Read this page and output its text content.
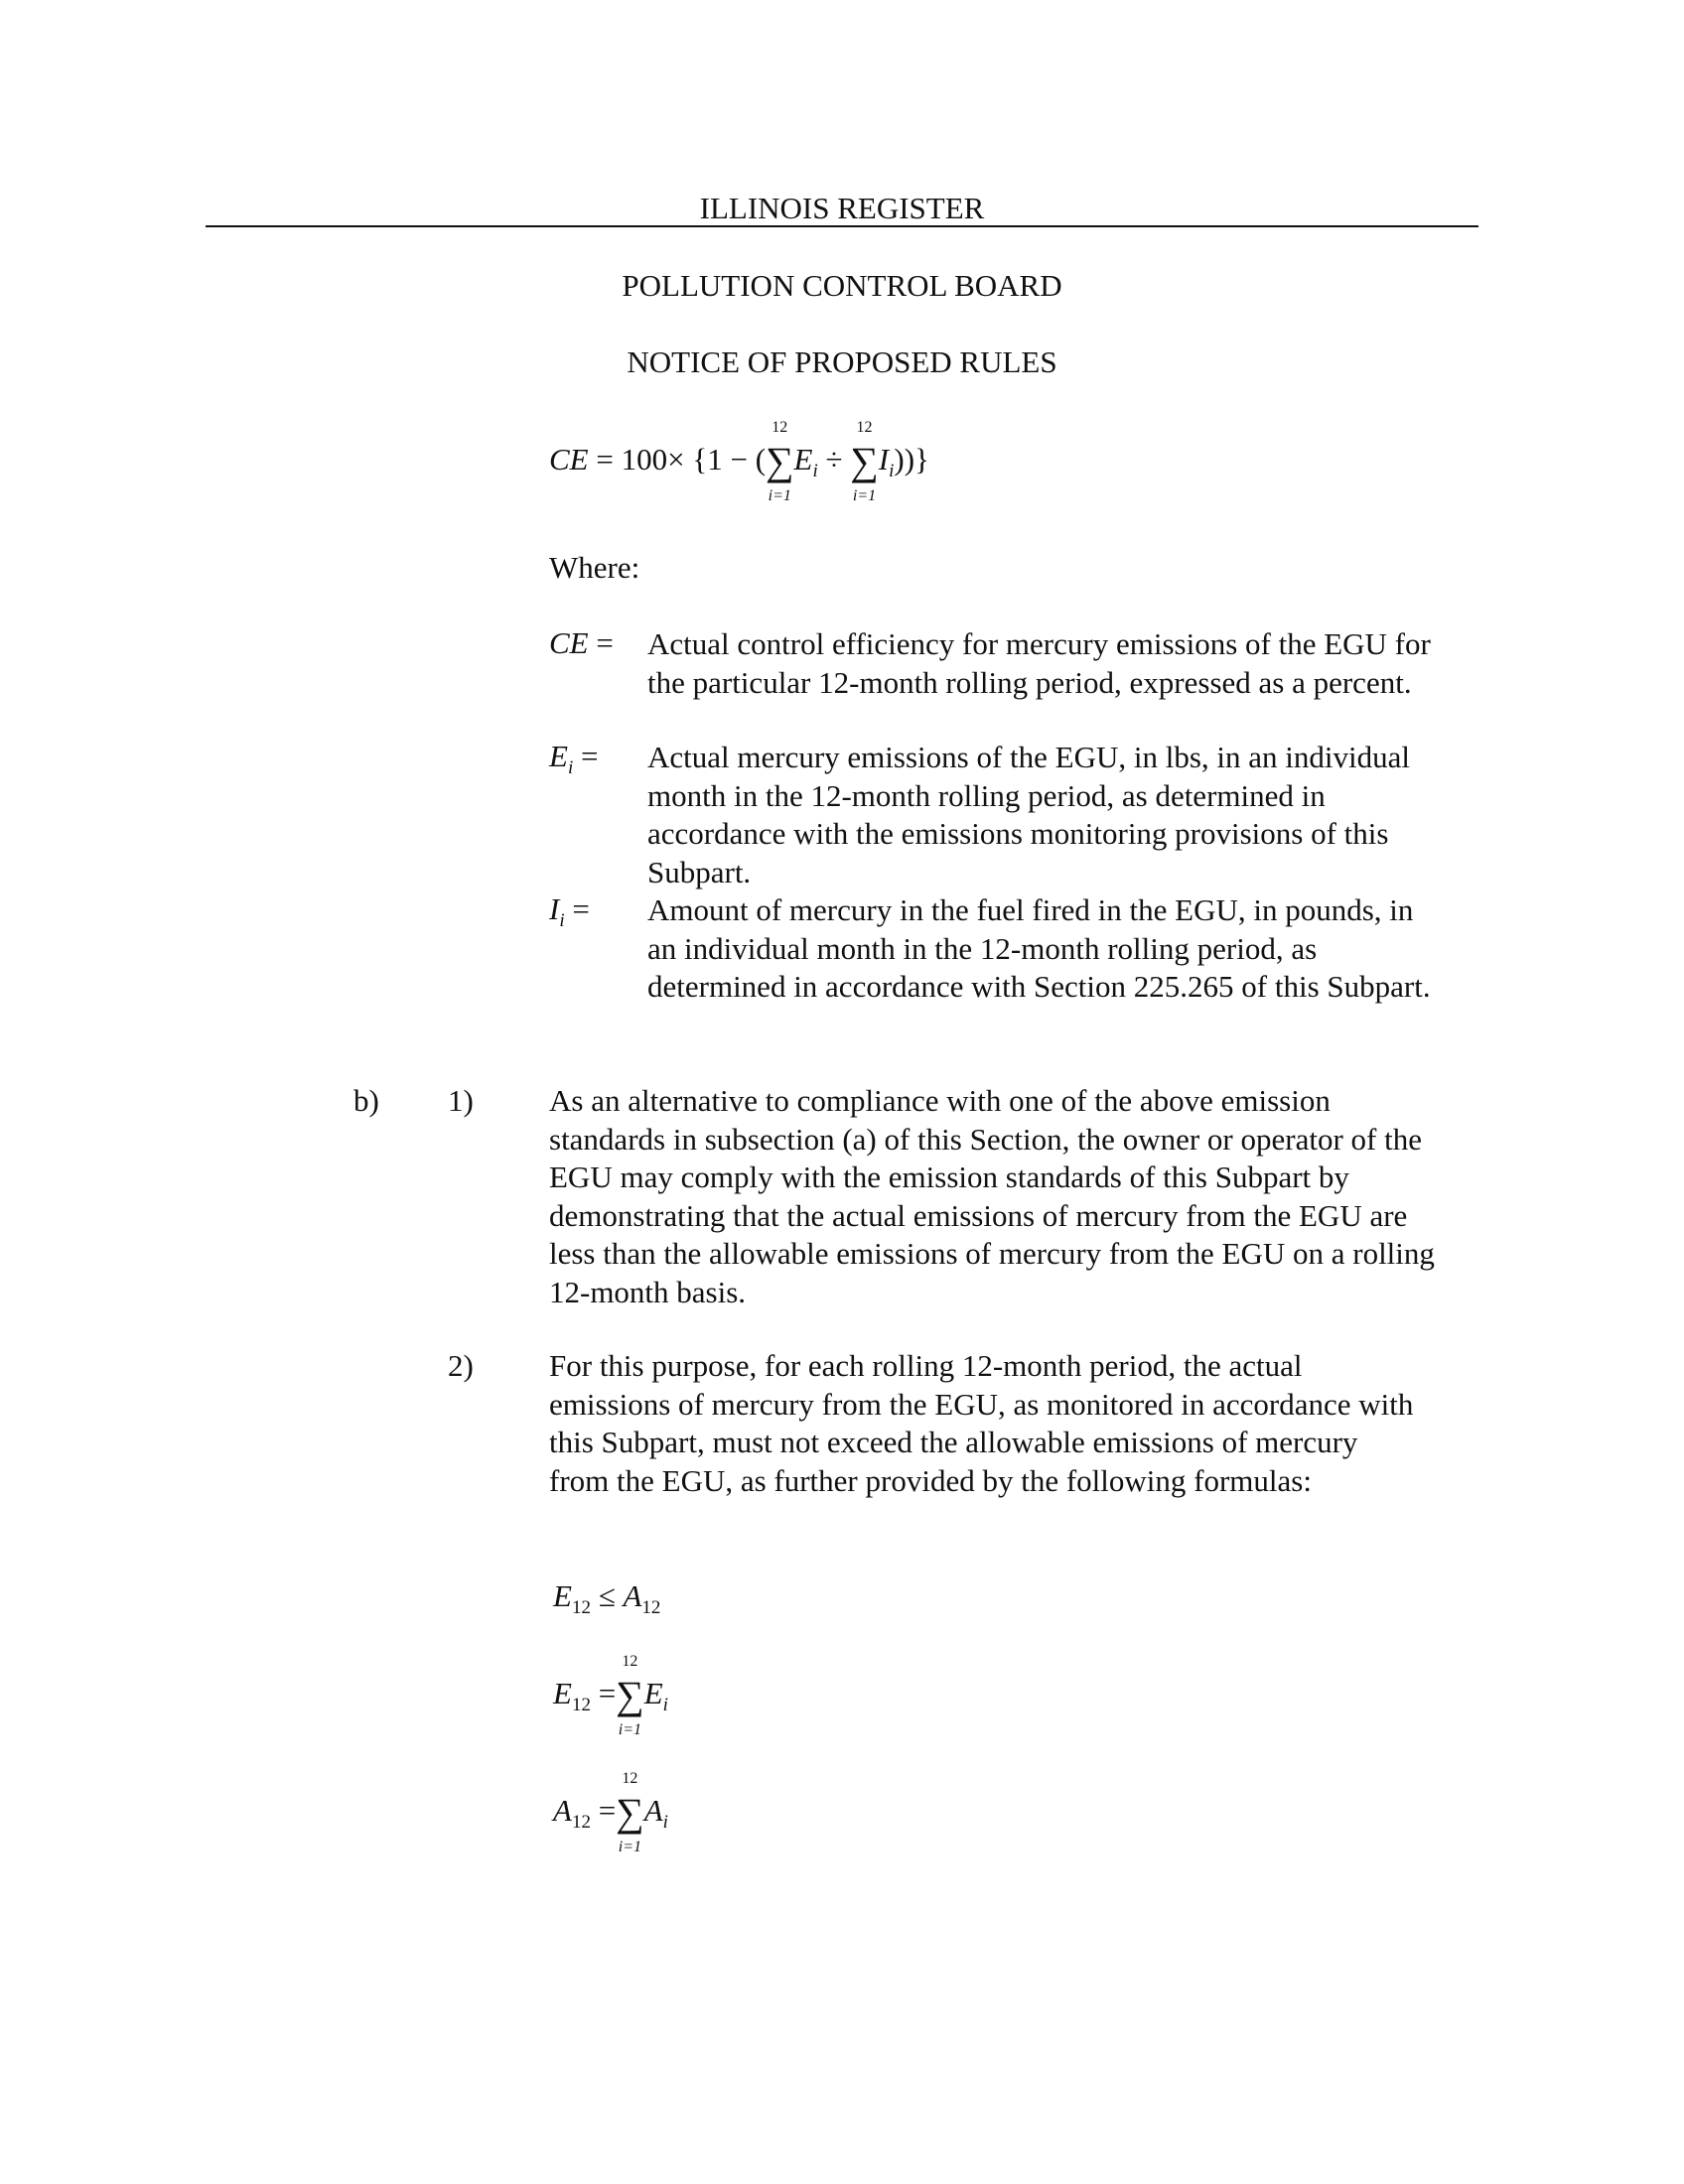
ILLINOIS REGISTER
POLLUTION CONTROL BOARD
NOTICE OF PROPOSED RULES
CE = 100× {1 − (
12
∑
i=1
$E_i$ ÷
12
∑
i=1
$I_i$))}
Where:
CE = Actual control efficiency for mercury emissions of the EGU for the particular 12-month rolling period, expressed as a percent.
$E_i$ = Actual mercury emissions of the EGU, in lbs, in an individual month in the 12-month rolling period, as determined in accordance with the emissions monitoring provisions of this Subpart.
$I_i$ = Amount of mercury in the fuel fired in the EGU, in pounds, in an individual month in the 12-month rolling period, as determined in accordance with Section 225.265 of this Subpart.
b) 1) As an alternative to compliance with one of the above emission standards in subsection (a) of this Section, the owner or operator of the EGU may comply with the emission standards of this Subpart by demonstrating that the actual emissions of mercury from the EGU are less than the allowable emissions of mercury from the EGU on a rolling 12-month basis.
2) For this purpose, for each rolling 12-month period, the actual emissions of mercury from the EGU, as monitored in accordance with this Subpart, must not exceed the allowable emissions of mercury from the EGU, as further provided by the following formulas:
$E_{12} \le A_{12}$
$E_{12}$ =
12
∑
i=1
$E_i$
$A_{12}$ =
12
∑
i=1
$A_i$
